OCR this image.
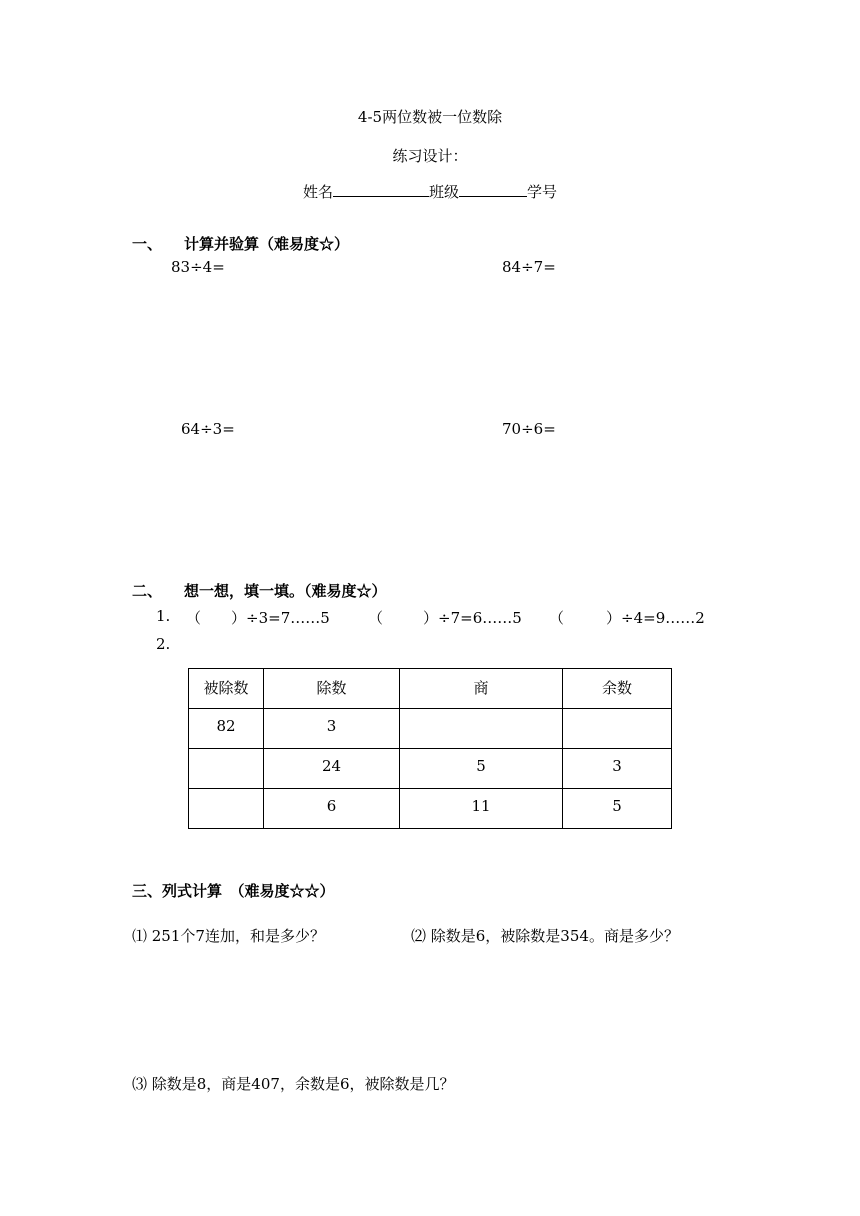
4-5两位数被一位数除
练习设计：
姓名	班级	学号
一、 计算并验算（难易度☆）
83÷4=	84÷7=
64÷3=	70÷6=
二、 想一想，填一填。（难易度☆）
1. （ ）÷3=7……5	（	）÷7=6……5 （	）÷4=9……2
2.
被除数	除数	商	余数
82	3		
	24	5	3
	6	11	5
三、列式计算　（难易度☆☆）
⑴ 251个7连加，和是多少？	⑵ 除数是6，被除数是354。商是多少？
⑶ 除数是8，商是407，余数是6，被除数是几？
